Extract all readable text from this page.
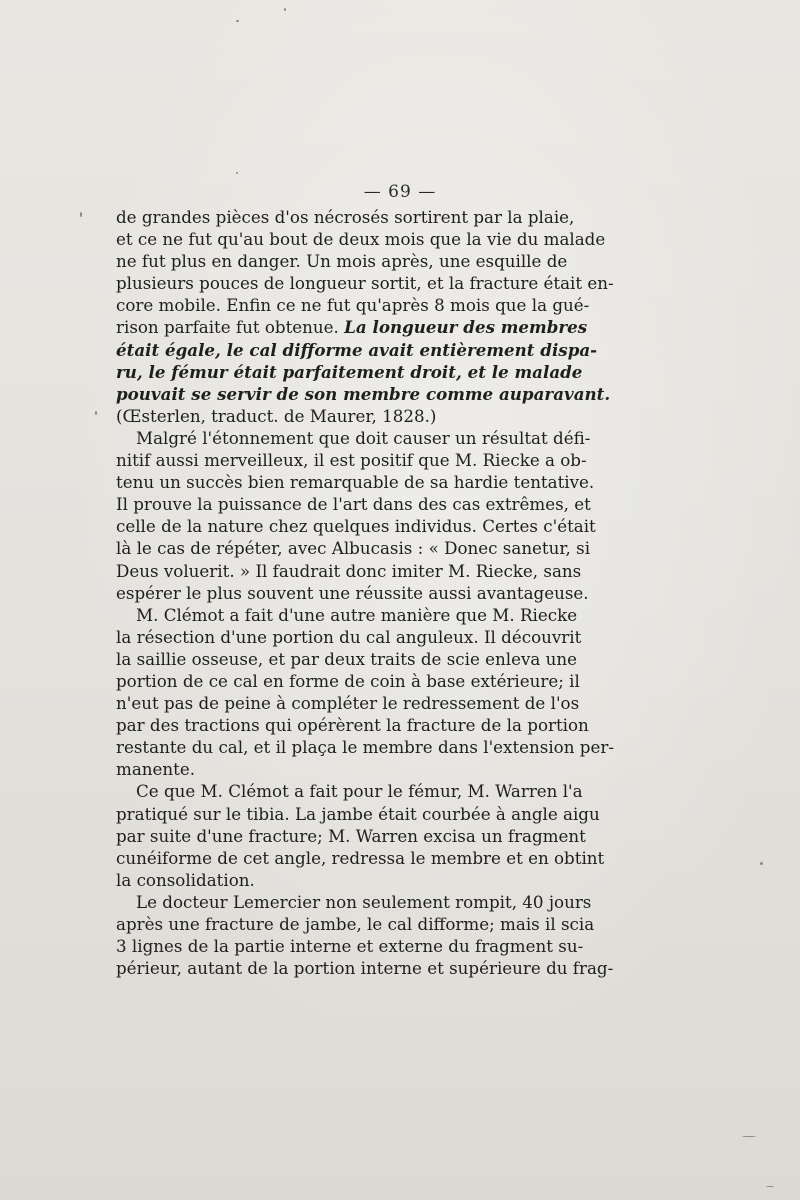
— 69 —
de grandes pièces d'os nécrosés sortirent par la plaie,
et ce ne fut qu'au bout de deux mois que la vie du malade
ne fut plus en danger. Un mois après, une esquille de
plusieurs pouces de longueur sortit, et la fracture était en-
core mobile. Enfin ce ne fut qu'après 8 mois que la gué-
rison parfaite fut obtenue. La longueur des membres
était égale, le cal difforme avait entièrement dispa-
ru, le fémur était parfaitement droit, et le malade
pouvait se servir de son membre comme auparavant.
(Œsterlen, traduct. de Maurer, 1828.)
Malgré l'étonnement que doit causer un résultat défi-
nitif aussi merveilleux, il est positif que M. Riecke a ob-
tenu un succès bien remarquable de sa hardie tentative.
Il prouve la puissance de l'art dans des cas extrêmes, et
celle de la nature chez quelques individus. Certes c'était
là le cas de répéter, avec Albucasis : « Donec sanetur, si
Deus voluerit. » Il faudrait donc imiter M. Riecke, sans
espérer le plus souvent une réussite aussi avantageuse.
M. Clémot a fait d'une autre manière que M. Riecke
la résection d'une portion du cal anguleux. Il découvrit
la saillie osseuse, et par deux traits de scie enleva une
portion de ce cal en forme de coin à base extérieure; il
n'eut pas de peine à compléter le redressement de l'os
par des tractions qui opérèrent la fracture de la portion
restante du cal, et il plaça le membre dans l'extension per-
manente.
Ce que M. Clémot a fait pour le fémur, M. Warren l'a
pratiqué sur le tibia. La jambe était courbée à angle aigu
par suite d'une fracture; M. Warren excisa un fragment
cunéiforme de cet angle, redressa le membre et en obtint
la consolidation.
Le docteur Lemercier non seulement rompit, 40 jours
après une fracture de jambe, le cal difforme; mais il scia
3 lignes de la partie interne et externe du fragment su-
périeur, autant de la portion interne et supérieure du frag-
